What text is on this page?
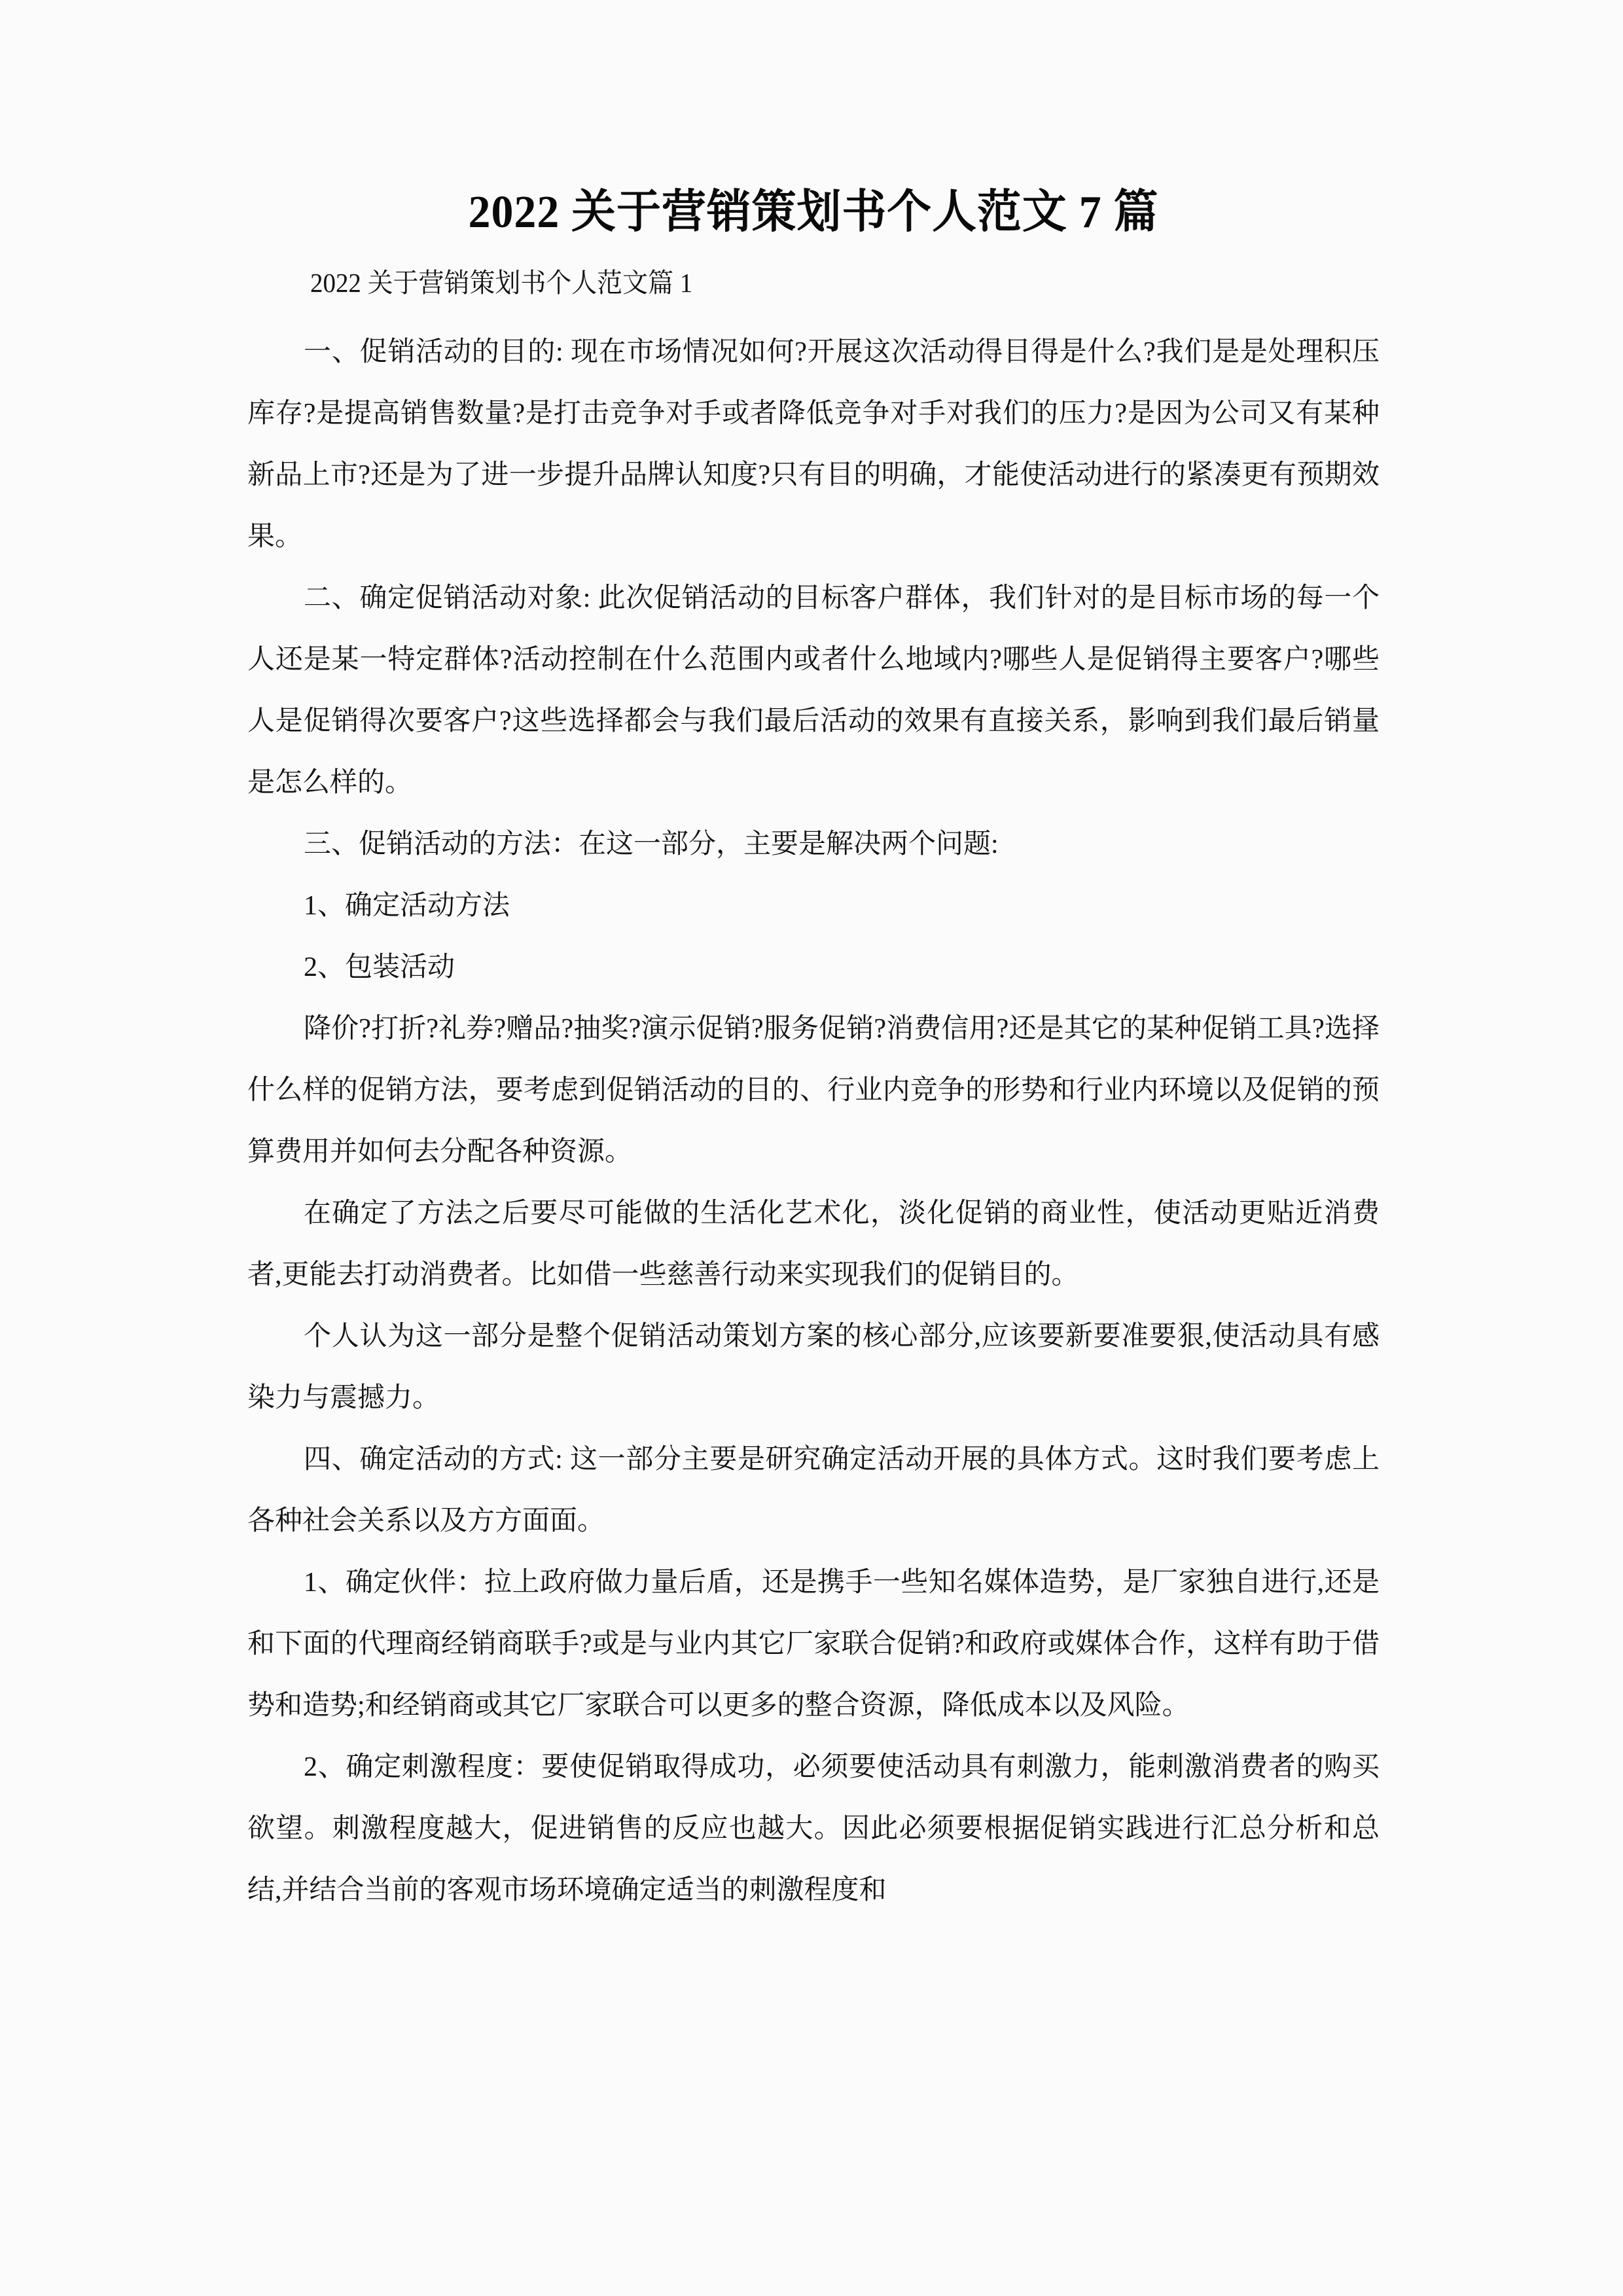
2022 关于营销策划书个人范文 7 篇
2022 关于营销策划书个人范文篇 1

一、促销活动的目的: 现在市场情况如何?开展这次活动得目得是什么?我们是是处理积压库存?是提高销售数量?是打击竞争对手或者降低竞争对手对我们的压力?是因为公司又有某种新品上市?还是为了进一步提升品牌认知度?只有目的明确，才能使活动进行的紧凑更有预期效果。

二、确定促销活动对象: 此次促销活动的目标客户群体，我们针对的是目标市场的每一个人还是某一特定群体?活动控制在什么范围内或者什么地域内?哪些人是促销得主要客户?哪些人是促销得次要客户?这些选择都会与我们最后活动的效果有直接关系，影响到我们最后销量是怎么样的。

三、促销活动的方法：在这一部分，主要是解决两个问题:

1、确定活动方法

2、包装活动

降价?打折?礼券?赠品?抽奖?演示促销?服务促销?消费信用?还是其它的某种促销工具?选择什么样的促销方法，要考虑到促销活动的目的、行业内竞争的形势和行业内环境以及促销的预算费用并如何去分配各种资源。

在确定了方法之后要尽可能做的生活化艺术化，淡化促销的商业性，使活动更贴近消费者,更能去打动消费者。比如借一些慈善行动来实现我们的促销目的。

个人认为这一部分是整个促销活动策划方案的核心部分,应该要新要准要狠,使活动具有感染力与震撼力。

四、确定活动的方式: 这一部分主要是研究确定活动开展的具体方式。这时我们要考虑上各种社会关系以及方方面面。

1、确定伙伴：拉上政府做力量后盾，还是携手一些知名媒体造势，是厂家独自进行,还是和下面的代理商经销商联手?或是与业内其它厂家联合促销?和政府或媒体合作，这样有助于借势和造势;和经销商或其它厂家联合可以更多的整合资源，降低成本以及风险。

2、确定刺激程度：要使促销取得成功，必须要使活动具有刺激力，能刺激消费者的购买欲望。刺激程度越大，促进销售的反应也越大。因此必须要根据促销实践进行汇总分析和总结,并结合当前的客观市场环境确定适当的刺激程度和
